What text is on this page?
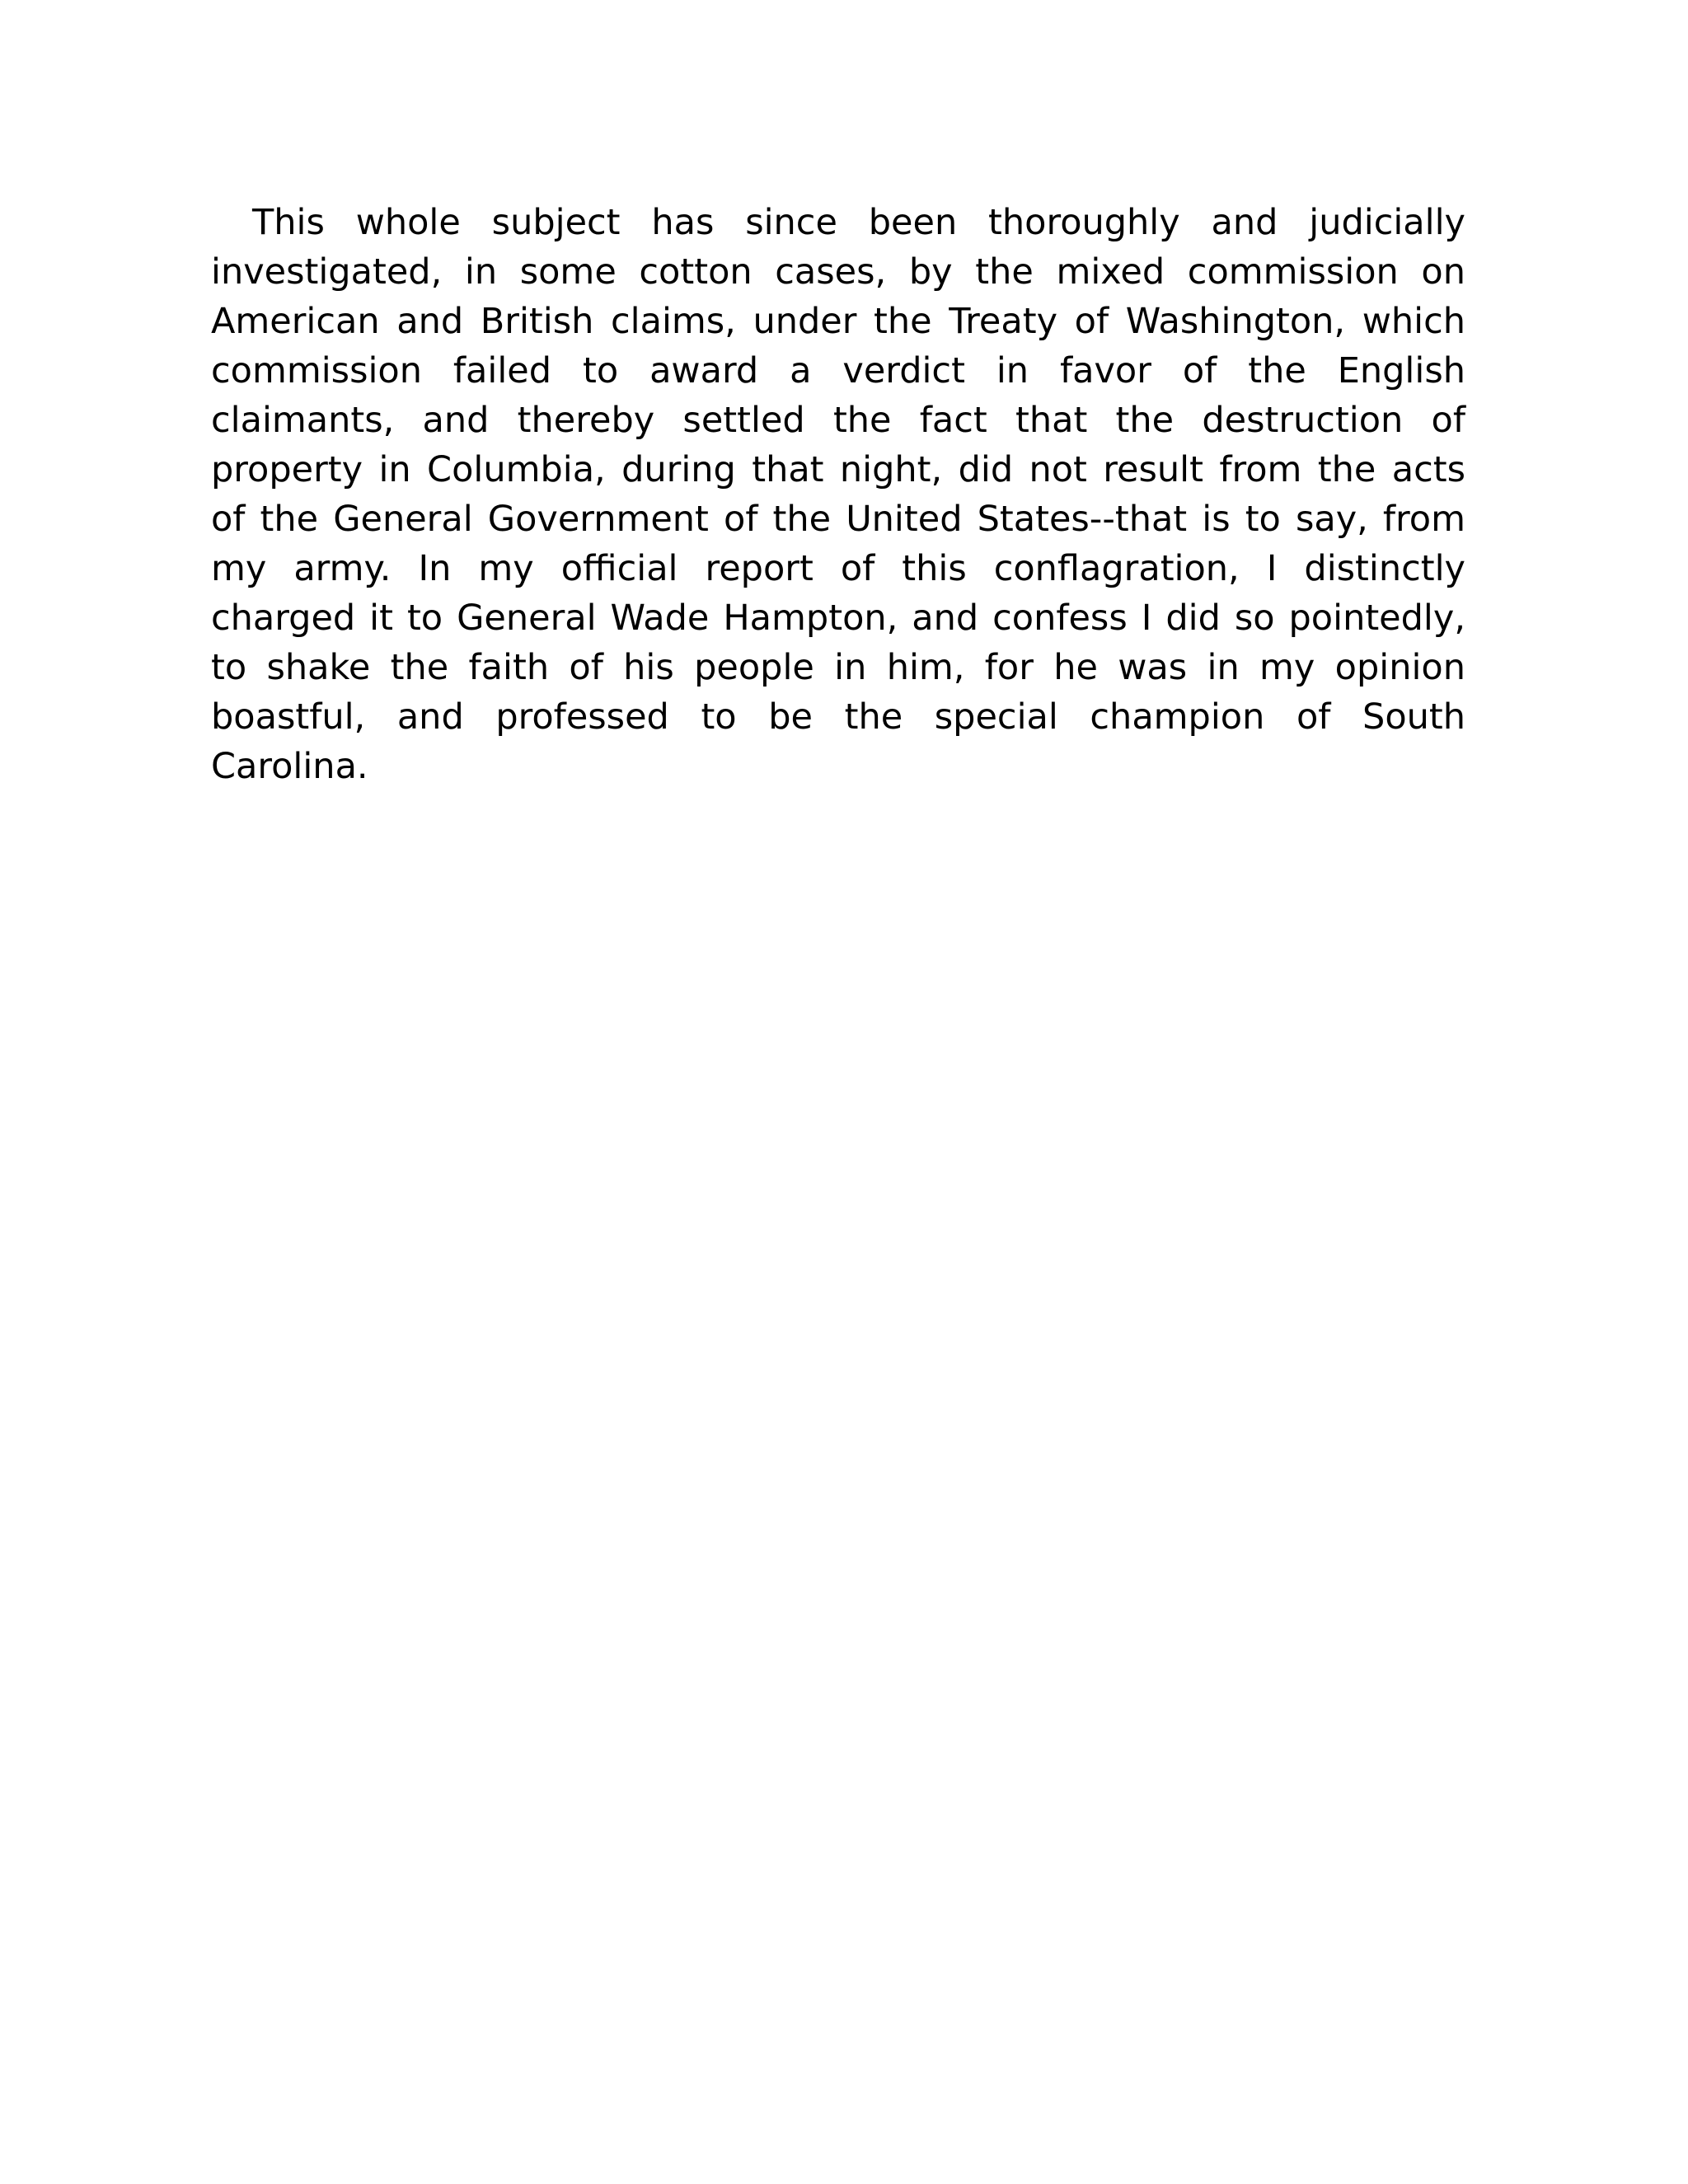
This whole subject has since been thoroughly and judicially
investigated, in some cotton cases, by the mixed commission on
American and British claims, under the Treaty of Washington, which
commission failed to award a verdict in favor of the English
claimants, and thereby settled the fact that the destruction of
property in Columbia, during that night, did not result from the acts
of the General Government of the United States--that is to say, from
my army. In my official report of this conflagration, I distinctly
charged it to General Wade Hampton, and confess I did so pointedly,
to shake the faith of his people in him, for he was in my opinion
boastful, and professed to be the special champion of South
Carolina.
